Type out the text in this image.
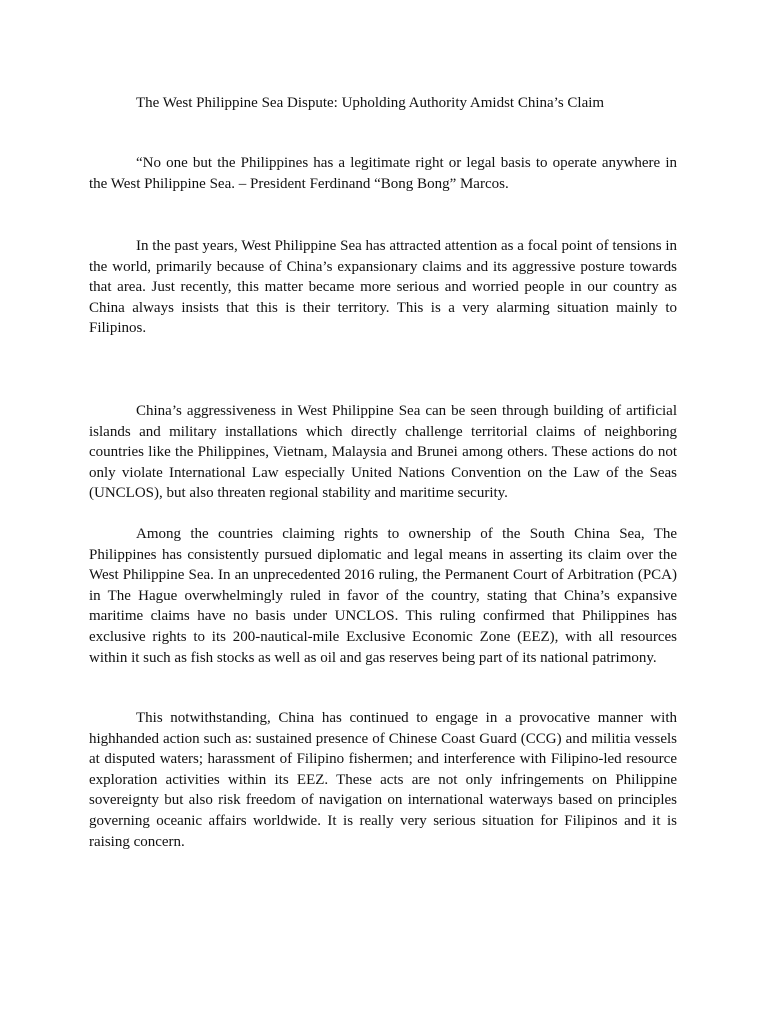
The West Philippine Sea Dispute: Upholding Authority Amidst China’s Claim

“No one but the Philippines has a legitimate right or legal basis to operate anywhere in the West Philippine Sea. – President Ferdinand “Bong Bong” Marcos.

In the past years, West Philippine Sea has attracted attention as a focal point of tensions in the world, primarily because of China’s expansionary claims and its aggressive posture towards that area. Just recently, this matter became more serious and worried people in our country as China always insists that this is their territory. This is a very alarming situation mainly to Filipinos.

China’s aggressiveness in West Philippine Sea can be seen through building of artificial islands and military installations which directly challenge territorial claims of neighboring countries like the Philippines, Vietnam, Malaysia and Brunei among others. These actions do not only violate International Law especially United Nations Convention on the Law of the Seas (UNCLOS), but also threaten regional stability and maritime security.

Among the countries claiming rights to ownership of the South China Sea, The Philippines has consistently pursued diplomatic and legal means in asserting its claim over the West Philippine Sea. In an unprecedented 2016 ruling, the Permanent Court of Arbitration (PCA) in The Hague overwhelmingly ruled in favor of the country, stating that China’s expansive maritime claims have no basis under UNCLOS. This ruling confirmed that Philippines has exclusive rights to its 200-nautical-mile Exclusive Economic Zone (EEZ), with all resources within it such as fish stocks as well as oil and gas reserves being part of its national patrimony.

This notwithstanding, China has continued to engage in a provocative manner with highhanded action such as: sustained presence of Chinese Coast Guard (CCG) and militia vessels at disputed waters; harassment of Filipino fishermen; and interference with Filipino-led resource exploration activities within its EEZ. These acts are not only infringements on Philippine sovereignty but also risk freedom of navigation on international waterways based on principles governing oceanic affairs worldwide. It is really very serious situation for Filipinos and it is raising concern.
